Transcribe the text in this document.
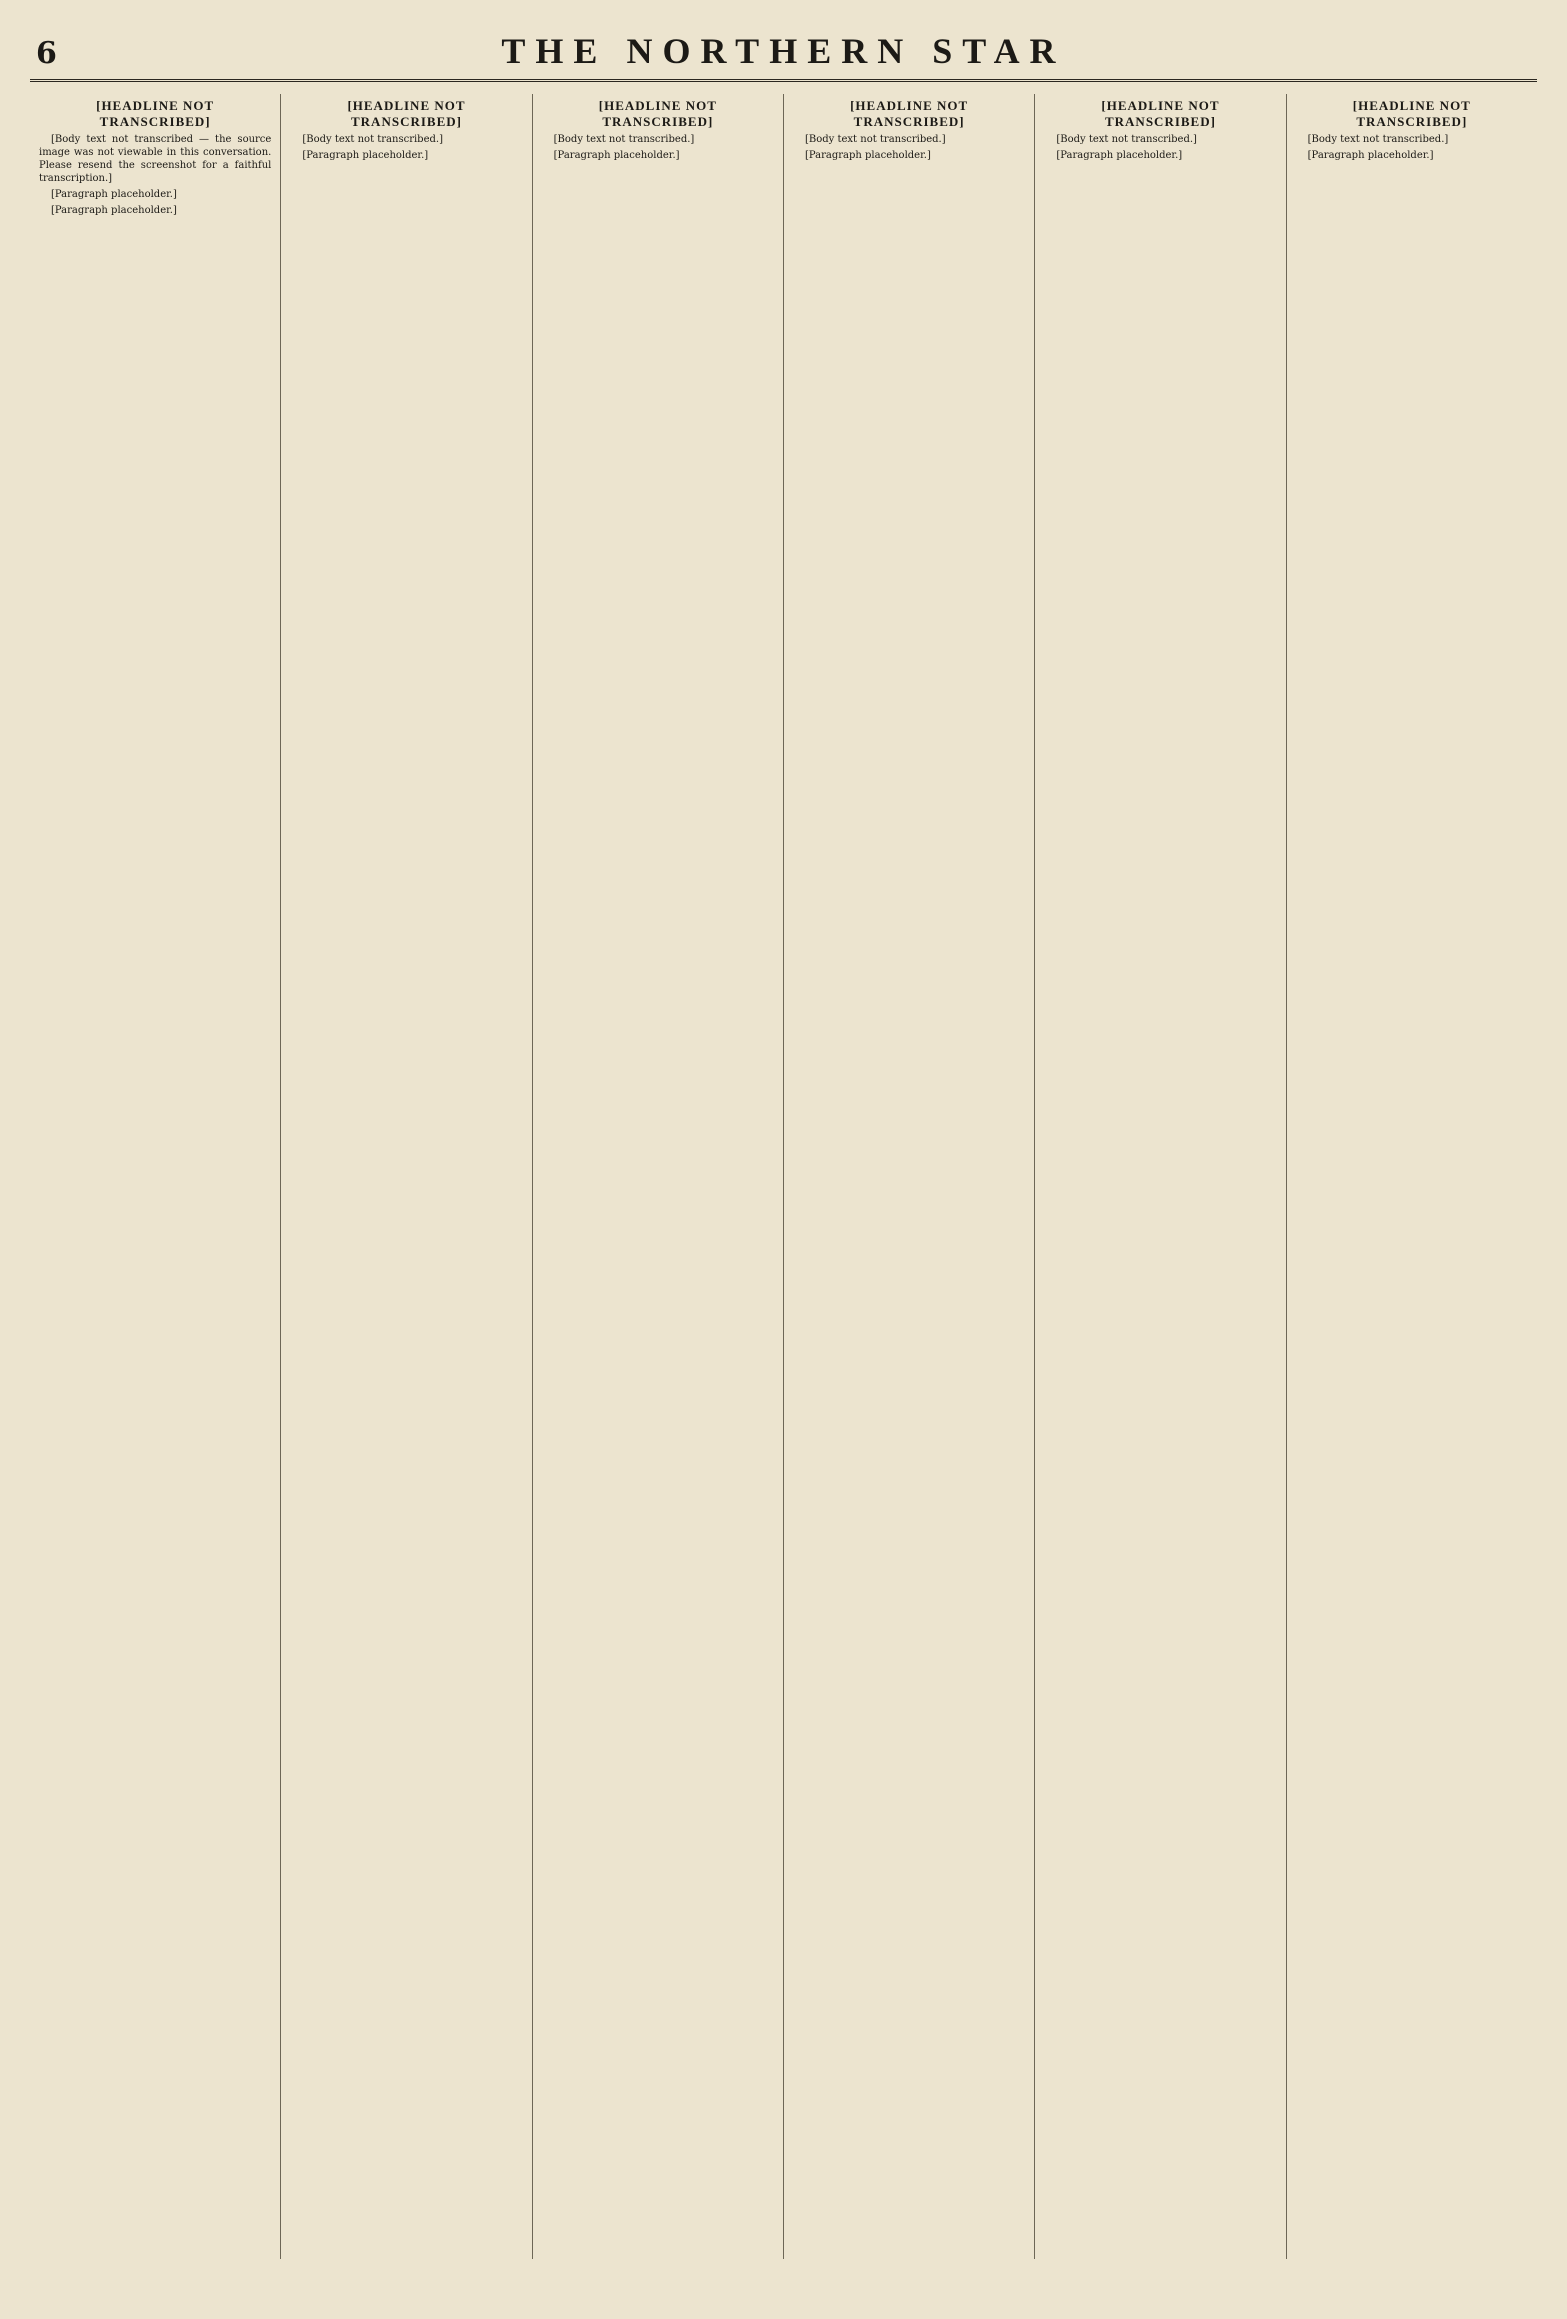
6	THE NORTHERN STAR
[HEADLINE NOT TRANSCRIBED]

[Body text not transcribed — the source image was not viewable in this conversation. Please resend the screenshot for a faithful transcription.]

[Paragraph placeholder.]

[Paragraph placeholder.]

[HEADLINE NOT TRANSCRIBED]

[Body text not transcribed.]

[Paragraph placeholder.]

[HEADLINE NOT TRANSCRIBED]

[Body text not transcribed.]

[Paragraph placeholder.]

[HEADLINE NOT TRANSCRIBED]

[Body text not transcribed.]

[Paragraph placeholder.]

[HEADLINE NOT TRANSCRIBED]

[Body text not transcribed.]

[Paragraph placeholder.]

[HEADLINE NOT TRANSCRIBED]

[Body text not transcribed.]

[Paragraph placeholder.]
